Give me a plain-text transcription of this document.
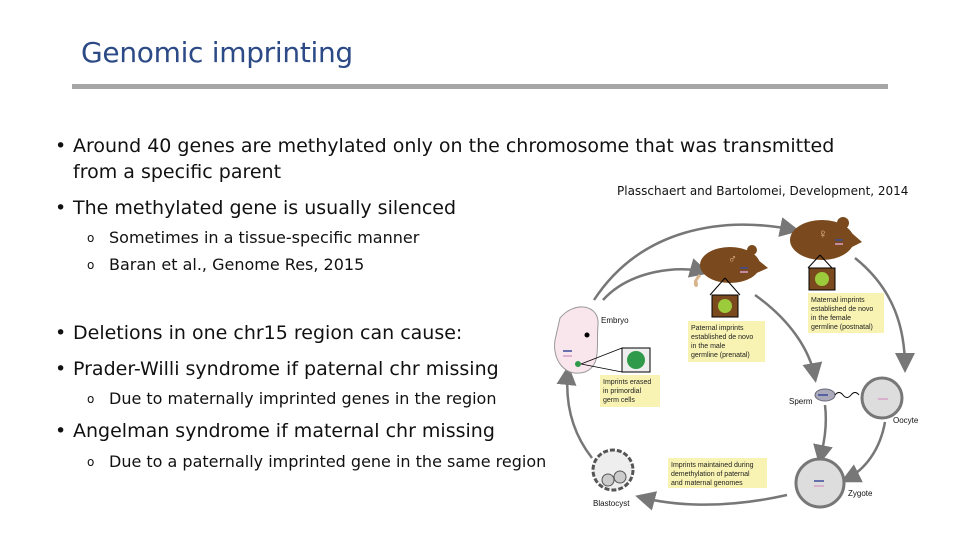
Genomic imprinting
• Around 40 genes are methylated only on the chromosome that was transmitted
from a specific parent
• The methylated gene is usually silenced
o Sometimes in a tissue-specific manner
o Baran et al., Genome Res, 2015
• Deletions in one chr15 region can cause:
• Prader-Willi syndrome if paternal chr missing
o Due to maternally imprinted genes in the region
• Angelman syndrome if maternal chr missing
o Due to a paternally imprinted gene in the same region
Plasschaert and Bartolomei, Development, 2014
♂
♀
Embryo
Sperm
Oocyte
Zygote
Blastocyst
Paternal imprints
established de novo
in the male
germline (prenatal)
Maternal imprints
established de novo
in the female
germline (postnatal)
Imprints erased
in primordial
germ cells
Imprints maintained during
demethylation of paternal
and maternal genomes
